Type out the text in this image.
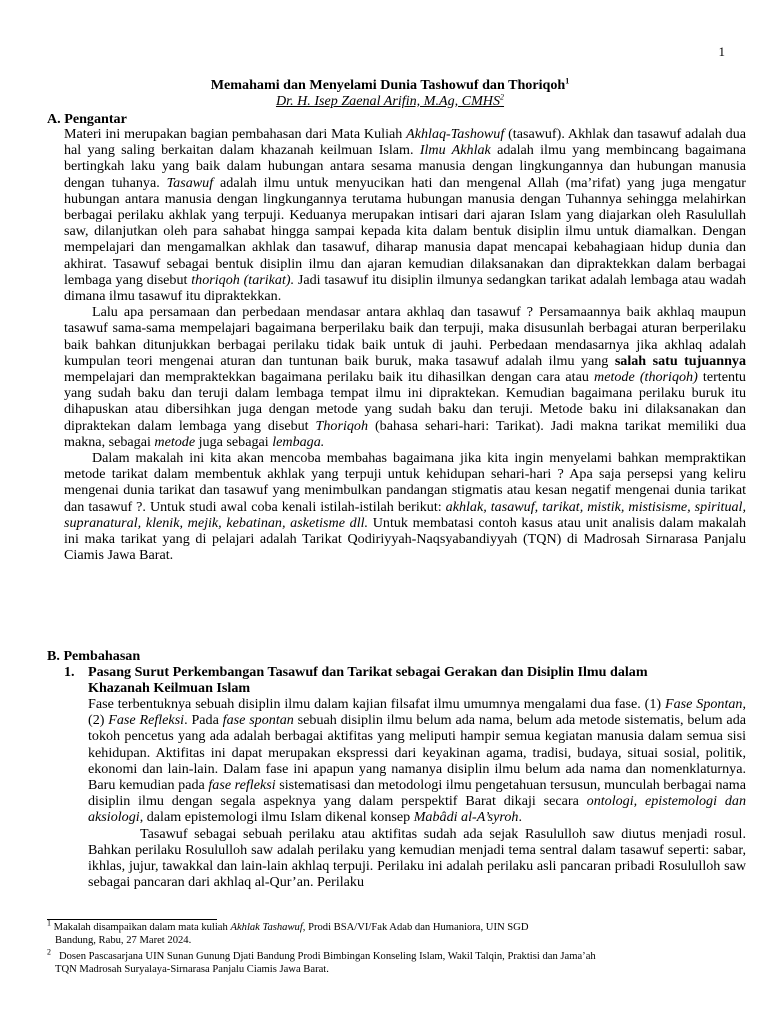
1
Memahami dan Menyelami Dunia Tashowuf dan Thoriqoh$^1$
Dr. H. Isep Zaenal Arifin, M.Ag, CMHS$^2$
A. Pengantar

Materi ini merupakan bagian pembahasan dari Mata Kuliah Akhlaq-Tashowuf (tasawuf). Akhlak dan tasawuf adalah dua hal yang saling berkaitan dalam khazanah keilmuan Islam. Ilmu Akhlak adalah ilmu yang membincang bagaimana bertingkah laku yang baik dalam hubungan antara sesama manusia dengan lingkungannya dan hubungan manusia dengan tuhanya. Tasawuf adalah ilmu untuk menyucikan hati dan mengenal Allah (ma’rifat) yang juga mengatur hubungan antara manusia dengan lingkungannya terutama hubungan manusia dengan Tuhannya sehingga melahirkan berbagai perilaku akhlak yang terpuji. Keduanya merupakan intisari dari ajaran Islam yang diajarkan oleh Rasulullah saw, dilanjutkan oleh para sahabat hingga sampai kepada kita dalam bentuk disiplin ilmu untuk diamalkan. Dengan mempelajari dan mengamalkan akhlak dan tasawuf, diharap manusia dapat mencapai kebahagiaan hidup dunia dan akhirat. Tasawuf sebagai bentuk disiplin ilmu dan ajaran kemudian dilaksanakan dan dipraktekkan dalam berbagai lembaga yang disebut thoriqoh (tarikat). Jadi tasawuf itu disiplin ilmunya sedangkan tarikat adalah lembaga atau wadah dimana ilmu tasawuf itu dipraktekkan.

Lalu apa persamaan dan perbedaan mendasar antara akhlaq dan tasawuf ? Persamaannya baik akhlaq maupun tasawuf sama-sama mempelajari bagaimana berperilaku baik dan terpuji, maka disusunlah berbagai aturan berperilaku baik bahkan ditunjukkan berbagai perilaku tidak baik untuk di jauhi. Perbedaan mendasarnya jika akhlaq adalah kumpulan teori mengenai aturan dan tuntunan baik buruk, maka tasawuf adalah ilmu yang salah satu tujuannya mempelajari dan mempraktekkan bagaimana perilaku baik itu dihasilkan dengan cara atau metode (thoriqoh) tertentu yang sudah baku dan teruji dalam lembaga tempat ilmu ini dipraktekan. Kemudian bagaimana perilaku buruk itu dihapuskan atau dibersihkan juga dengan metode yang sudah baku dan teruji. Metode baku ini dilaksanakan dan dipraktekan dalam lembaga yang disebut Thoriqoh (bahasa sehari-hari: Tarikat). Jadi makna tarikat memiliki dua makna, sebagai metode juga sebagai lembaga.

Dalam makalah ini kita akan mencoba membahas bagaimana jika kita ingin menyelami bahkan mempraktikan metode tarikat dalam membentuk akhlak yang terpuji untuk kehidupan sehari-hari ? Apa saja persepsi yang keliru mengenai dunia tarikat dan tasawuf yang menimbulkan pandangan stigmatis atau kesan negatif mengenai dunia tarikat dan tasawuf ?. Untuk studi awal coba kenali istilah-istilah berikut: akhlak, tasawuf, tarikat, mistik, mistisisme, spiritual, supranatural, klenik, mejik, kebatinan, asketisme dll. Untuk membatasi contoh kasus atau unit analisis dalam makalah ini maka tarikat yang di pelajari adalah Tarikat Qodiriyyah-Naqsyabandiyyah (TQN) di Madrosah Sirnarasa Panjalu Ciamis Jawa Barat.

B. Pembahasan
1. Pasang Surut Perkembangan Tasawuf dan Tarikat sebagai Gerakan dan Disiplin Ilmu dalam
Khazanah Keilmuan Islam

Fase terbentuknya sebuah disiplin ilmu dalam kajian filsafat ilmu umumnya mengalami dua fase. (1) Fase Spontan, (2) Fase Refleksi. Pada fase spontan sebuah disiplin ilmu belum ada nama, belum ada metode sistematis, belum ada tokoh pencetus yang ada adalah berbagai aktifitas yang meliputi hampir semua kegiatan manusia dalam semua sisi kehidupan. Aktifitas ini dapat merupakan ekspressi dari keyakinan agama, tradisi, budaya, situai sosial, politik, ekonomi dan lain-lain. Dalam fase ini apapun yang namanya disiplin ilmu belum ada nama dan nomenklaturnya. Baru kemudian pada fase refleksi sistematisasi dan metodologi ilmu pengetahuan tersusun, munculah berbagai nama disiplin ilmu dengan segala aspeknya yang dalam perspektif Barat dikaji secara ontologi, epistemologi dan aksiologi, dalam epistemologi ilmu Islam dikenal konsep Mabâdi al-A’syroh.

Tasawuf sebagai sebuah perilaku atau aktifitas sudah ada sejak Rasululloh saw diutus menjadi rosul. Bahkan perilaku Rosululloh saw adalah perilaku yang kemudian menjadi tema sentral dalam tasawuf seperti: sabar, ikhlas, jujur, tawakkal dan lain-lain akhlaq terpuji. Perilaku ini adalah perilaku asli pancaran pribadi Rosululloh saw sebagai pancaran dari akhlaq al-Qur’an. Perilaku

$^1$ Makalah disampaikan dalam mata kuliah Akhlak Tashawuf, Prodi BSA/VI/Fak Adab dan Humaniora, UIN SGD
Bandung, Rabu, 27 Maret 2024.
$^2$ Dosen Pascasarjana UIN Sunan Gunung Djati Bandung Prodi Bimbingan Konseling Islam, Wakil Talqin, Praktisi dan Jama’ah
TQN Madrosah Suryalaya-Sirnarasa Panjalu Ciamis Jawa Barat.
